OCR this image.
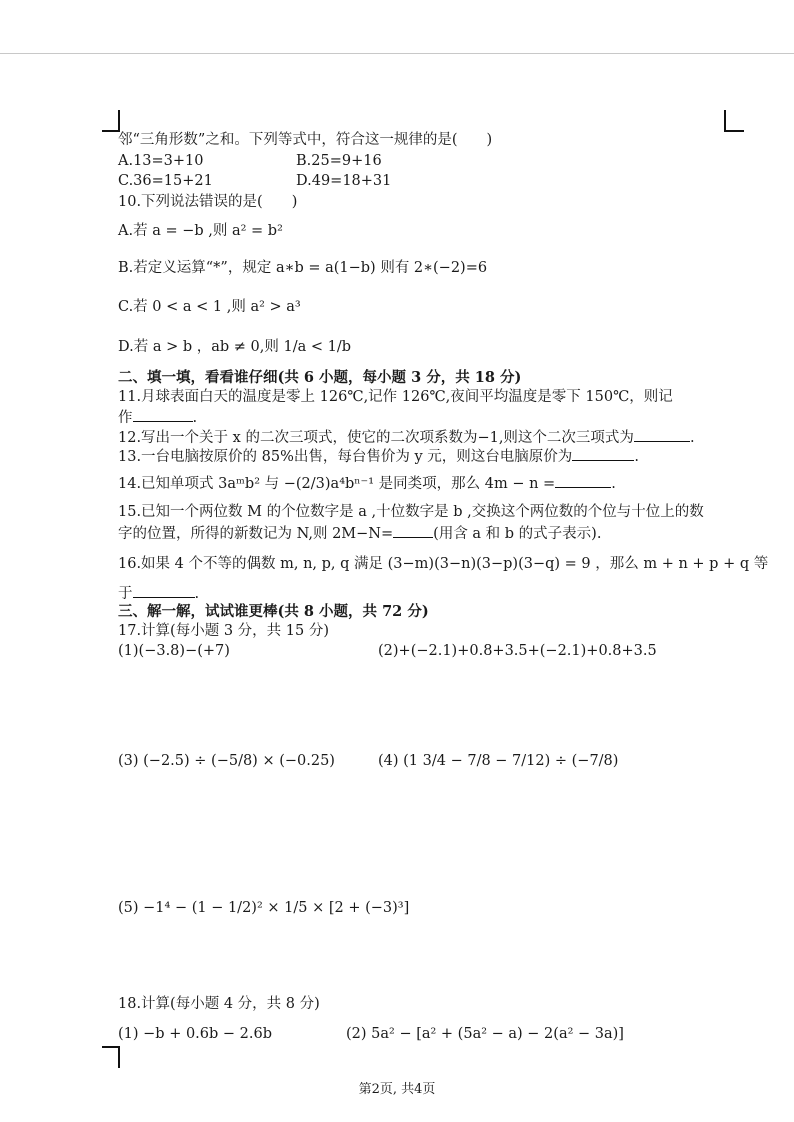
邻“三角形数”之和。下列等式中，符合这一规律的是(　　)
A.13=3+10	B.25=9+16
C.36=15+21	D.49=18+31
10.下列说法错误的是(　　)
A.若 a = −b ,则 a² = b²
B.若定义运算“*”，规定 a∗b = a(1−b) 则有 2∗(−2)=6
C.若 0 < a < 1 ,则 a² > a³
D.若 a > b ，ab ≠ 0,则 1/a < 1/b
二、填一填，看看谁仔细(共 6 小题，每小题 3 分，共 18 分)
11.月球表面白天的温度是零上 126℃,记作 126℃,夜间平均温度是零下 150℃，则记
作	.
12.写出一个关于 x 的二次三项式，使它的二次项系数为−1,则这个二次三项式为	.
13.一台电脑按原价的 85%出售，每台售价为 y 元，则这台电脑原价为	.
14.已知单项式 3aᵐb² 与 −(2/3)a⁴bⁿ⁻¹ 是同类项，那么 4m − n =	.
15.已知一个两位数 M 的个位数字是 a ,十位数字是 b ,交换这个两位数的个位与十位上的数
字的位置，所得的新数记为 N,则 2M−N=	(用含 a 和 b 的式子表示).
16.如果 4 个不等的偶数 m, n, p, q 满足 (3−m)(3−n)(3−p)(3−q) = 9 ，那么 m + n + p + q 等
于	.
三、解一解，试试谁更棒(共 8 小题，共 72 分)
17.计算(每小题 3 分，共 15 分)
(1)(−3.8)−(+7)	(2)+(−2.1)+0.8+3.5+(−2.1)+0.8+3.5
(3) (−2.5) ÷ (−5/8) × (−0.25)	(4) (1 3/4 − 7/8 − 7/12) ÷ (−7/8)
(5) −1⁴ − (1 − 1/2)² × 1/5 × [2 + (−3)³]
18.计算(每小题 4 分，共 8 分)
(1) −b + 0.6b − 2.6b	(2) 5a² − [a² + (5a² − a) − 2(a² − 3a)]
第2页, 共4页
